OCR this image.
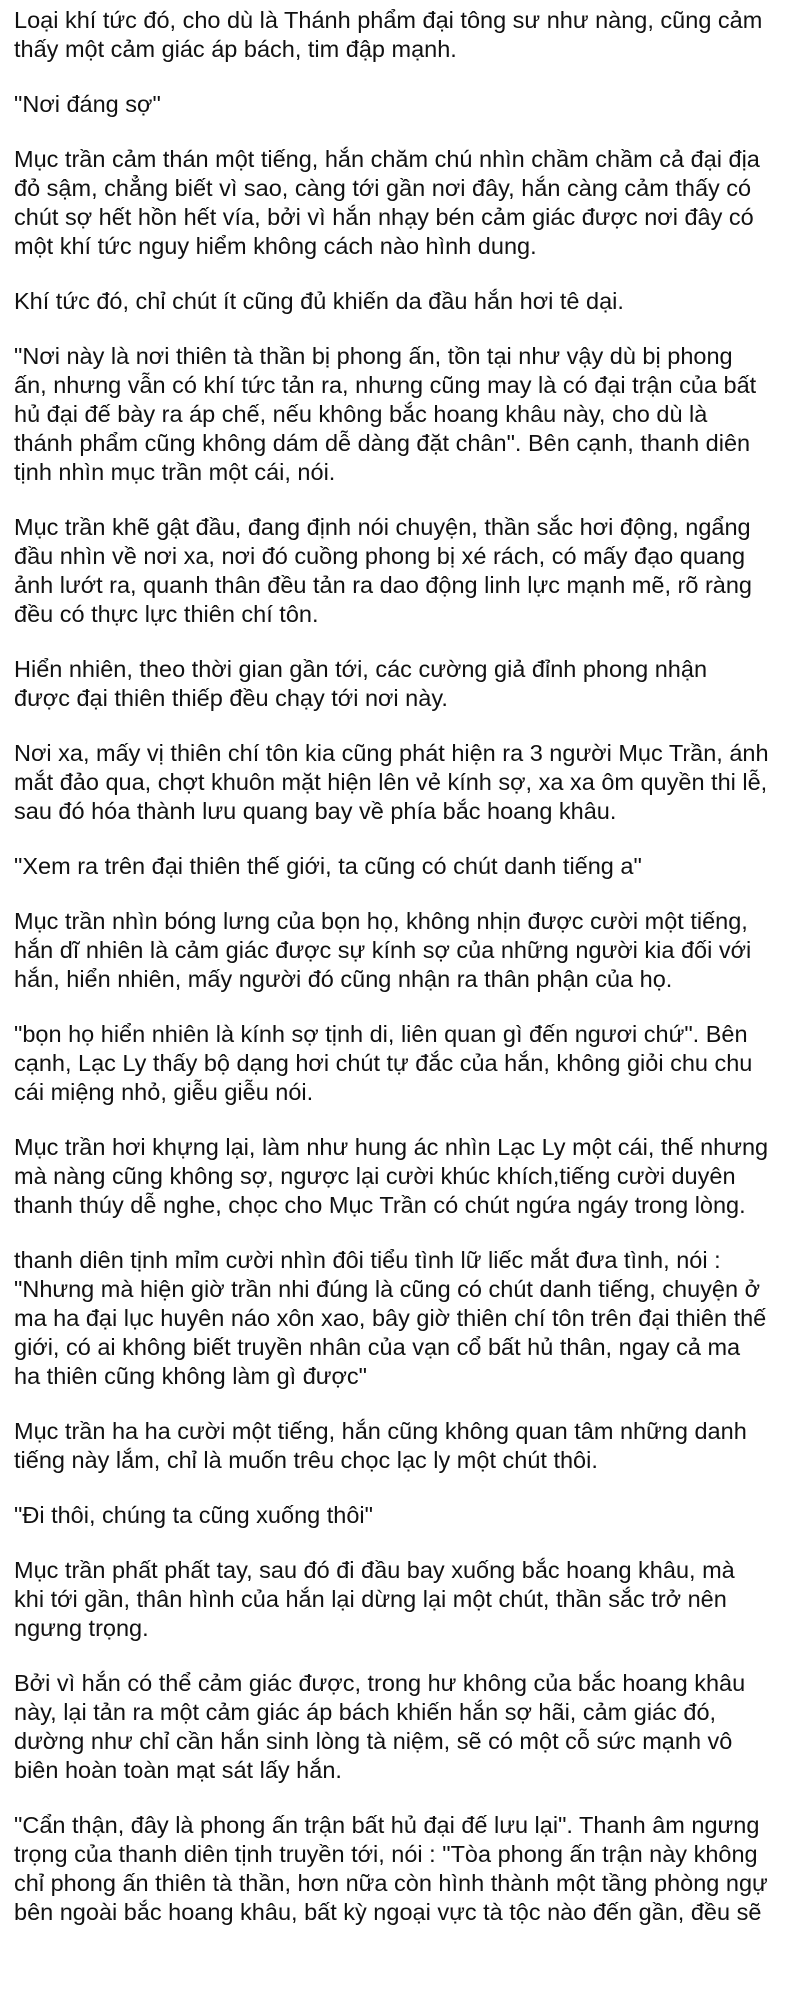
Loại khí tức đó, cho dù là Thánh phẩm đại tông sư như nàng, cũng cảm
thấy một cảm giác áp bách, tim đập mạnh.

"Nơi đáng sợ"

Mục trần cảm thán một tiếng, hắn chăm chú nhìn chầm chầm cả đại địa
đỏ sậm, chẳng biết vì sao, càng tới gần nơi đây, hắn càng cảm thấy có
chút sợ hết hồn hết vía, bởi vì hắn nhạy bén cảm giác được nơi đây có
một khí tức nguy hiểm không cách nào hình dung.

Khí tức đó, chỉ chút ít cũng đủ khiến da đầu hắn hơi tê dại.

"Nơi này là nơi thiên tà thần bị phong ấn, tồn tại như vậy dù bị phong
ấn, nhưng vẫn có khí tức tản ra, nhưng cũng may là có đại trận của bất
hủ đại đế bày ra áp chế, nếu không bắc hoang khâu này, cho dù là
thánh phẩm cũng không dám dễ dàng đặt chân". Bên cạnh, thanh diên
tịnh nhìn mục trần một cái, nói.

Mục trần khẽ gật đầu, đang định nói chuyện, thần sắc hơi động, ngẩng
đầu nhìn về nơi xa, nơi đó cuồng phong bị xé rách, có mấy đạo quang
ảnh lướt ra, quanh thân đều tản ra dao động linh lực mạnh mẽ, rõ ràng
đều có thực lực thiên chí tôn.

Hiển nhiên, theo thời gian gần tới, các cường giả đỉnh phong nhận
được đại thiên thiếp đều chạy tới nơi này.

Nơi xa, mấy vị thiên chí tôn kia cũng phát hiện ra 3 người Mục Trần, ánh
mắt đảo qua, chợt khuôn mặt hiện lên vẻ kính sợ, xa xa ôm quyền thi lễ,
sau đó hóa thành lưu quang bay về phía bắc hoang khâu.

"Xem ra trên đại thiên thế giới, ta cũng có chút danh tiếng a"

Mục trần nhìn bóng lưng của bọn họ, không nhịn được cười một tiếng,
hắn dĩ nhiên là cảm giác được sự kính sợ của những người kia đối với
hắn, hiển nhiên, mấy người đó cũng nhận ra thân phận của họ.

"bọn họ hiển nhiên là kính sợ tịnh di, liên quan gì đến ngươi chứ". Bên
cạnh, Lạc Ly thấy bộ dạng hơi chút tự đắc của hắn, không giỏi chu chu
cái miệng nhỏ, giễu giễu nói.

Mục trần hơi khựng lại, làm như hung ác nhìn Lạc Ly một cái, thế nhưng
mà nàng cũng không sợ, ngược lại cười khúc khích,tiếng cười duyên
thanh thúy dễ nghe, chọc cho Mục Trần có chút ngứa ngáy trong lòng.

thanh diên tịnh mỉm cười nhìn đôi tiểu tình lữ liếc mắt đưa tình, nói :
"Nhưng mà hiện giờ trần nhi đúng là cũng có chút danh tiếng, chuyện ở
ma ha đại lục huyên náo xôn xao, bây giờ thiên chí tôn trên đại thiên thế
giới, có ai không biết truyền nhân của vạn cổ bất hủ thân, ngay cả ma
ha thiên cũng không làm gì được"

Mục trần ha ha cười một tiếng, hắn cũng không quan tâm những danh
tiếng này lắm, chỉ là muốn trêu chọc lạc ly một chút thôi.

"Đi thôi, chúng ta cũng xuống thôi"

Mục trần phất phất tay, sau đó đi đầu bay xuống bắc hoang khâu, mà
khi tới gần, thân hình của hắn lại dừng lại một chút, thần sắc trở nên
ngưng trọng.

Bởi vì hắn có thể cảm giác được, trong hư không của bắc hoang khâu
này, lại tản ra một cảm giác áp bách khiến hắn sợ hãi, cảm giác đó,
dường như chỉ cần hắn sinh lòng tà niệm, sẽ có một cỗ sức mạnh vô
biên hoàn toàn mạt sát lấy hắn.

"Cẩn thận, đây là phong ấn trận bất hủ đại đế lưu lại". Thanh âm ngưng
trọng của thanh diên tịnh truyền tới, nói : "Tòa phong ấn trận này không
chỉ phong ấn thiên tà thần, hơn nữa còn hình thành một tầng phòng ngự
bên ngoài bắc hoang khâu, bất kỳ ngoại vực tà tộc nào đến gần, đều sẽ
